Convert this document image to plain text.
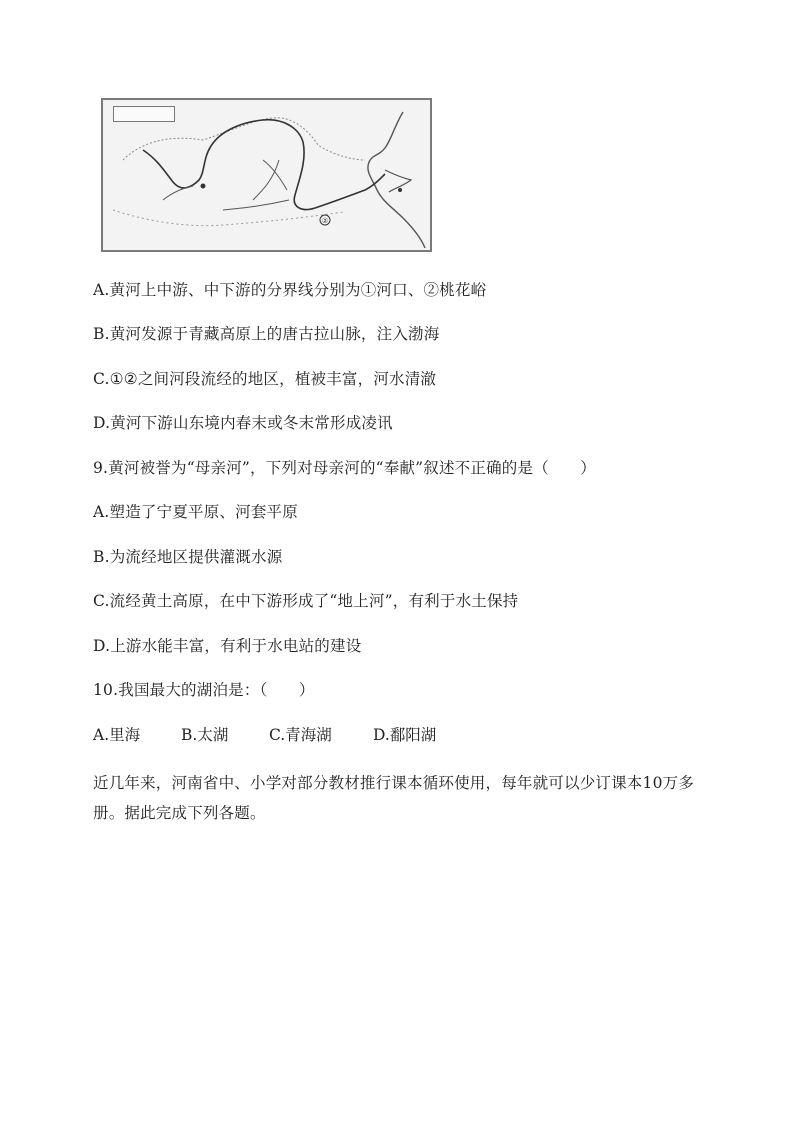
②
A.黄河上中游、中下游的分界线分别为①河口、②桃花峪
B.黄河发源于青藏高原上的唐古拉山脉，注入渤海
C.①②之间河段流经的地区，植被丰富，河水清澈
D.黄河下游山东境内春末或冬末常形成凌讯
9.黄河被誉为“母亲河”，下列对母亲河的“奉献”叙述不正确的是（　　）
A.塑造了宁夏平原、河套平原
B.为流经地区提供灌溉水源
C.流经黄土高原，在中下游形成了“地上河”，有利于水土保持
D.上游水能丰富，有利于水电站的建设
10.我国最大的湖泊是：（　　）
A.里海	B.太湖	C.青海湖	D.鄱阳湖
近几年来，河南省中、小学对部分教材推行课本循环使用，每年就可以少订课本10万多册。据此完成下列各题。
